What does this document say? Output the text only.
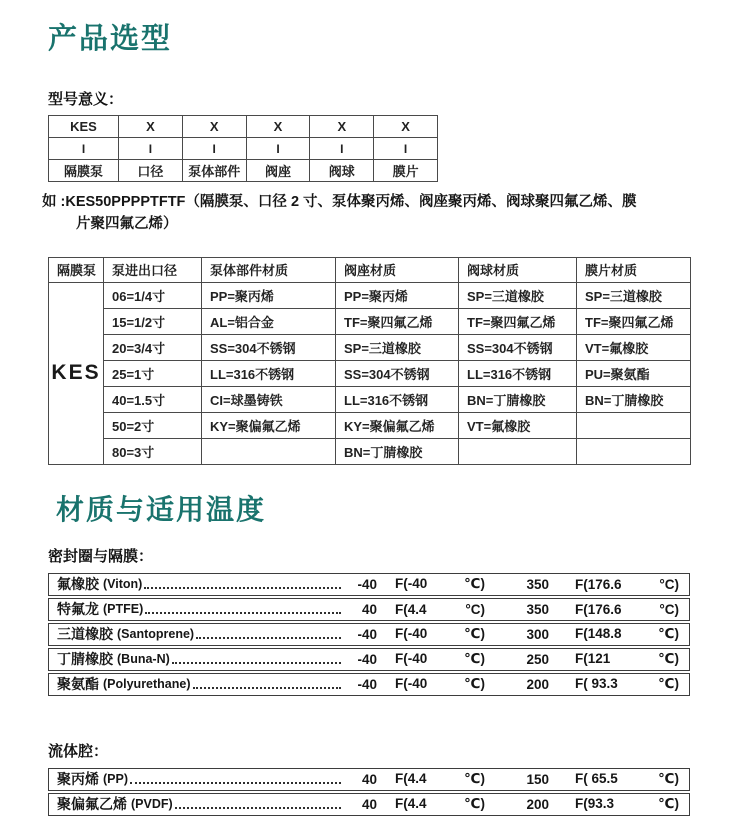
产品选型
型号意义：
KES	X	X	X	X	X
I	I	I	I	I	I
隔膜泵	口径	泵体部件	阀座	阀球	膜片
如 :KES50PPPPTFTF（隔膜泵、口径 2 寸、泵体聚丙烯、阀座聚丙烯、阀球聚四氟乙烯、膜
片聚四氟乙烯）
隔膜泵	泵进出口径	泵体部件材质	阀座材质	阀球材质	膜片材质
KES	06=1/4寸	PP=聚丙烯	PP=聚丙烯	SP=三道橡胶	SP=三道橡胶
	15=1/2寸	AL=铝合金	TF=聚四氟乙烯	TF=聚四氟乙烯	TF=聚四氟乙烯
	20=3/4寸	SS=304不锈钢	SP=三道橡胶	SS=304不锈钢	VT=氟橡胶
	25=1寸	LL=316不锈钢	SS=304不锈钢	LL=316不锈钢	PU=聚氨酯
	40=1.5寸	CI=球墨铸铁	LL=316不锈钢	BN=丁腈橡胶	BN=丁腈橡胶
	50=2寸	KY=聚偏氟乙烯	KY=聚偏氟乙烯	VT=氟橡胶	
	80=3寸		BN=丁腈橡胶		
材质与适用温度
密封圈与隔膜：
氟橡胶 (Viton)	-40 F(-40	℃)	350 F(176.6	°C)
特氟龙 (PTFE)	40 F(4.4	°C)	350 F(176.6	°C)
三道橡胶 (Santoprene)	-40 F(-40	℃)	300 F(148.8	℃)
丁腈橡胶 (Buna-N)	-40 F(-40	℃)	250 F(121	℃)
聚氨酯 (Polyurethane)	-40 F(-40	℃)	200 F( 93.3	℃)
流体腔：
聚丙烯 (PP)	40 F(4.4	℃)	150 F( 65.5	℃)
聚偏氟乙烯 (PVDF)	40 F(4.4	℃)	200 F(93.3	℃)
